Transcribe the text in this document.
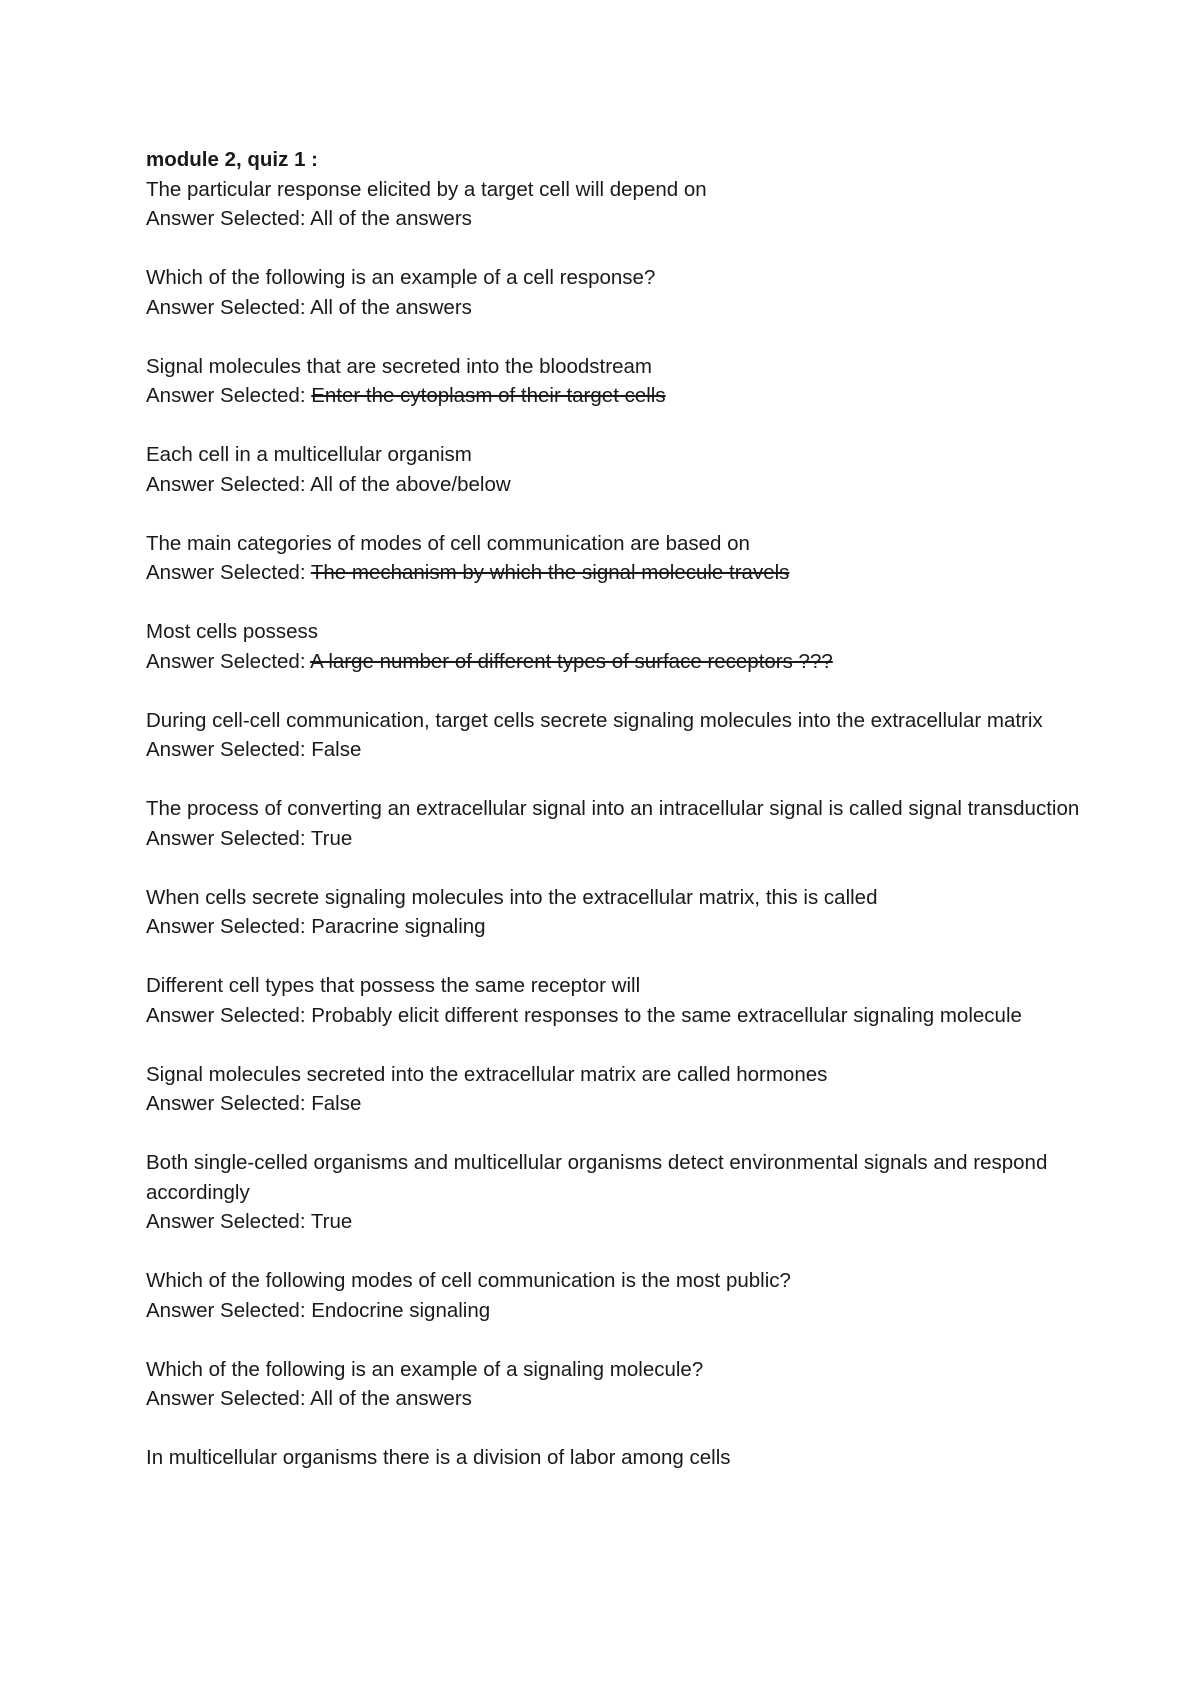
module 2, quiz 1 :

The particular response elicited by a target cell will depend on

Answer Selected: All of the answers

Which of the following is an example of a cell response?

Answer Selected: All of the answers

Signal molecules that are secreted into the bloodstream

Answer Selected: Enter the cytoplasm of their target cells

Each cell in a multicellular organism

Answer Selected: All of the above/below

The main categories of modes of cell communication are based on

Answer Selected: The mechanism by which the signal molecule travels

Most cells possess

Answer Selected: A large number of different types of surface receptors ???

During cell-cell communication, target cells secrete signaling molecules into the extracellular matrix

Answer Selected: False

The process of converting an extracellular signal into an intracellular signal is called signal transduction

Answer Selected: True

When cells secrete signaling molecules into the extracellular matrix, this is called

Answer Selected: Paracrine signaling

Different cell types that possess the same receptor will

Answer Selected: Probably elicit different responses to the same extracellular signaling molecule

Signal molecules secreted into the extracellular matrix are called hormones

Answer Selected: False

Both single-celled organisms and multicellular organisms detect environmental signals and respond accordingly

Answer Selected: True

Which of the following modes of cell communication is the most public?

Answer Selected: Endocrine signaling

Which of the following is an example of a signaling molecule?

Answer Selected: All of the answers

In multicellular organisms there is a division of labor among cells
